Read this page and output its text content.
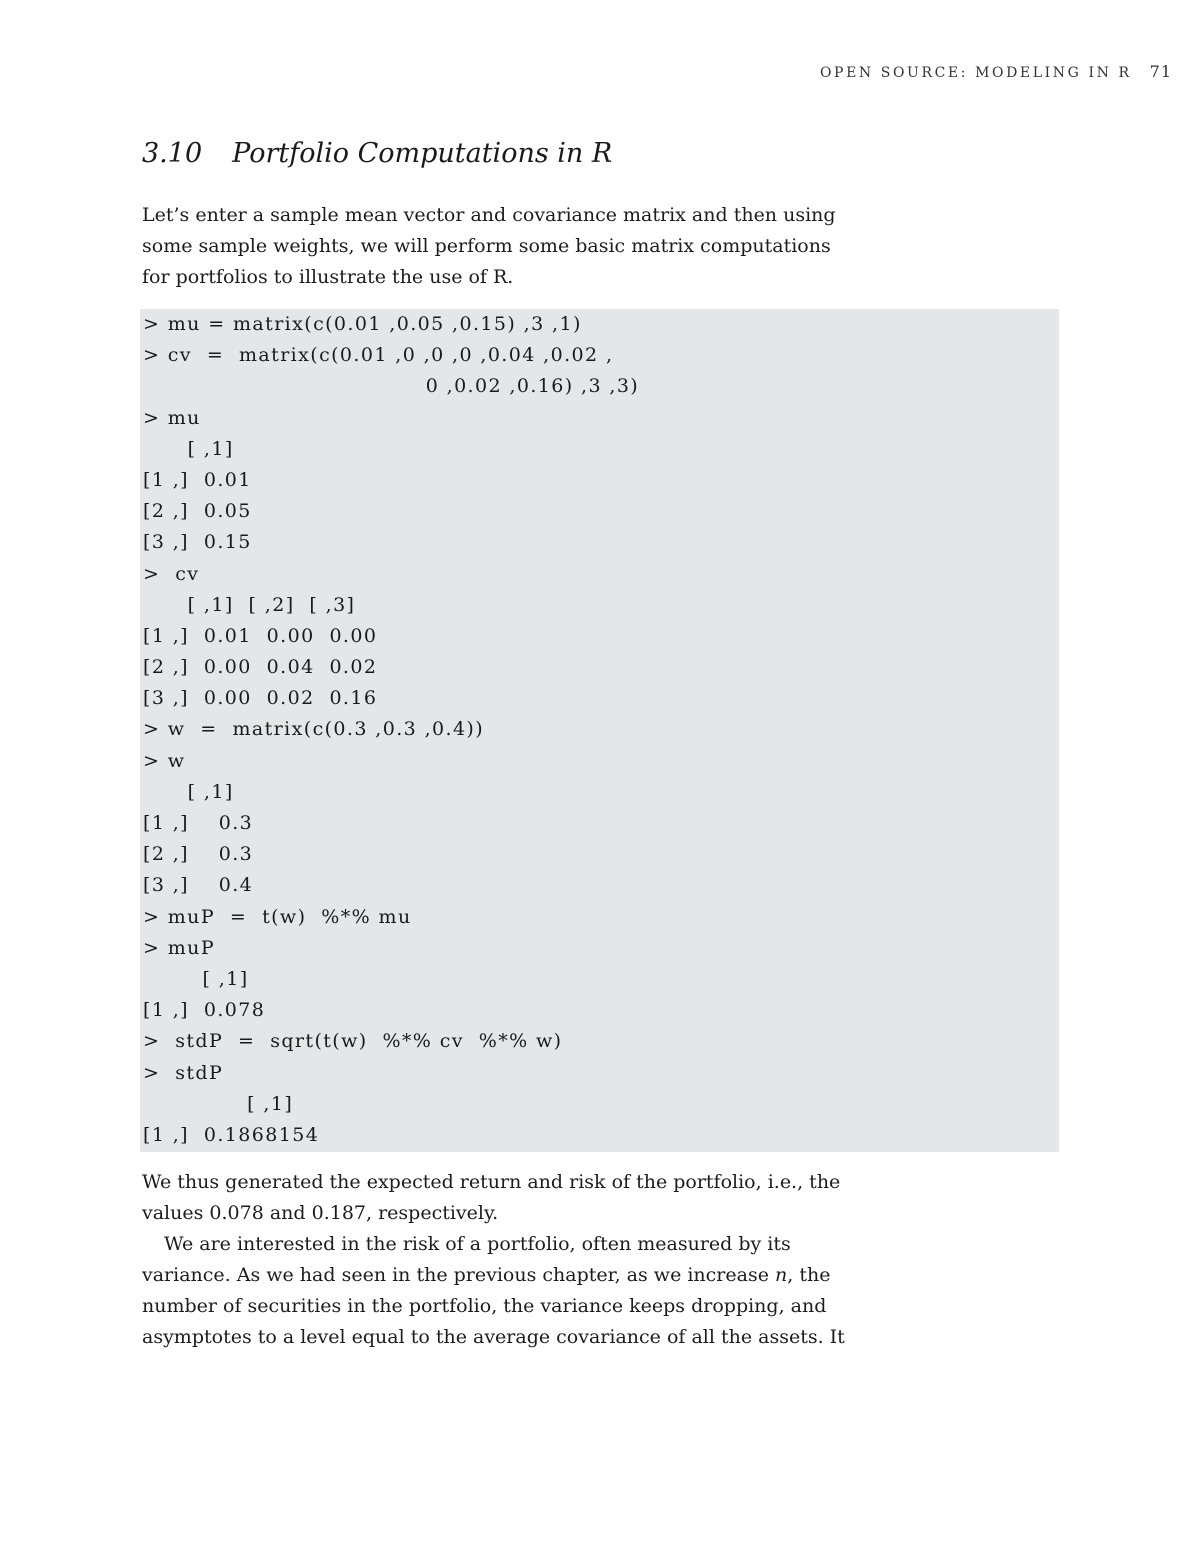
OPEN SOURCE: MODELING IN R 71
3.10 Portfolio Computations in R

Let’s enter a sample mean vector and covariance matrix and then using
some sample weights, we will perform some basic matrix computations
for portfolios to illustrate the use of R.

> mu = matrix(c(0.01 ,0.05 ,0.15) ,3 ,1)
> cv  =  matrix(c(0.01 ,0 ,0 ,0 ,0.04 ,0.02 ,
0 ,0.02 ,0.16) ,3 ,3)
> mu
[ ,1]
[1 ,]  0.01
[2 ,]  0.05
[3 ,]  0.15
>  cv
[ ,1]  [ ,2]  [ ,3]
[1 ,]  0.01  0.00  0.00
[2 ,]  0.00  0.04  0.02
[3 ,]  0.00  0.02  0.16
> w  =  matrix(c(0.3 ,0.3 ,0.4))
> w
[ ,1]
[1 ,]    0.3
[2 ,]    0.3
[3 ,]    0.4
> muP  =  t(w)  %*% mu
> muP
[ ,1]
[1 ,]  0.078
>  stdP  =  sqrt(t(w)  %*% cv  %*% w)
>  stdP
[ ,1]
[1 ,]  0.1868154

We thus generated the expected return and risk of the portfolio, i.e., the
values 0.078 and 0.187, respectively.

We are interested in the risk of a portfolio, often measured by its
variance. As we had seen in the previous chapter, as we increase n, the
number of securities in the portfolio, the variance keeps dropping, and
asymptotes to a level equal to the average covariance of all the assets. It
